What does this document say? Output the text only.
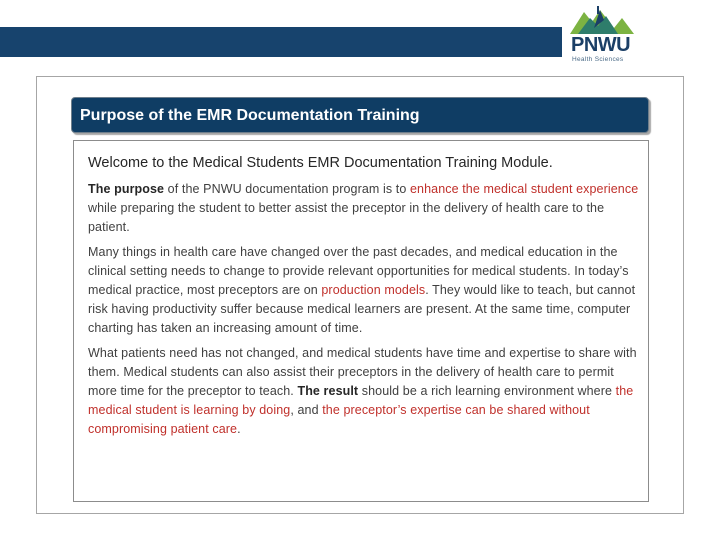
PNWU
Health Sciences
Purpose of the EMR Documentation Training

Welcome to the Medical Students EMR Documentation Training Module.

The purpose of the PNWU documentation program is to enhance the medical student experience while preparing the student to better assist the preceptor in the delivery of health care to the patient.

Many things in health care have changed over the past decades, and medical education in the clinical setting needs to change to provide relevant opportunities for medical students. In today’s medical practice, most preceptors are on production models. They would like to teach, but cannot risk having productivity suffer because medical learners are present. At the same time, computer charting has taken an increasing amount of time.

What patients need has not changed, and medical students have time and expertise to share with them. Medical students can also assist their preceptors in the delivery of health care to permit more time for the preceptor to teach. The result should be a rich learning environment where the medical student is learning by doing, and the preceptor’s expertise can be shared without compromising patient care.
